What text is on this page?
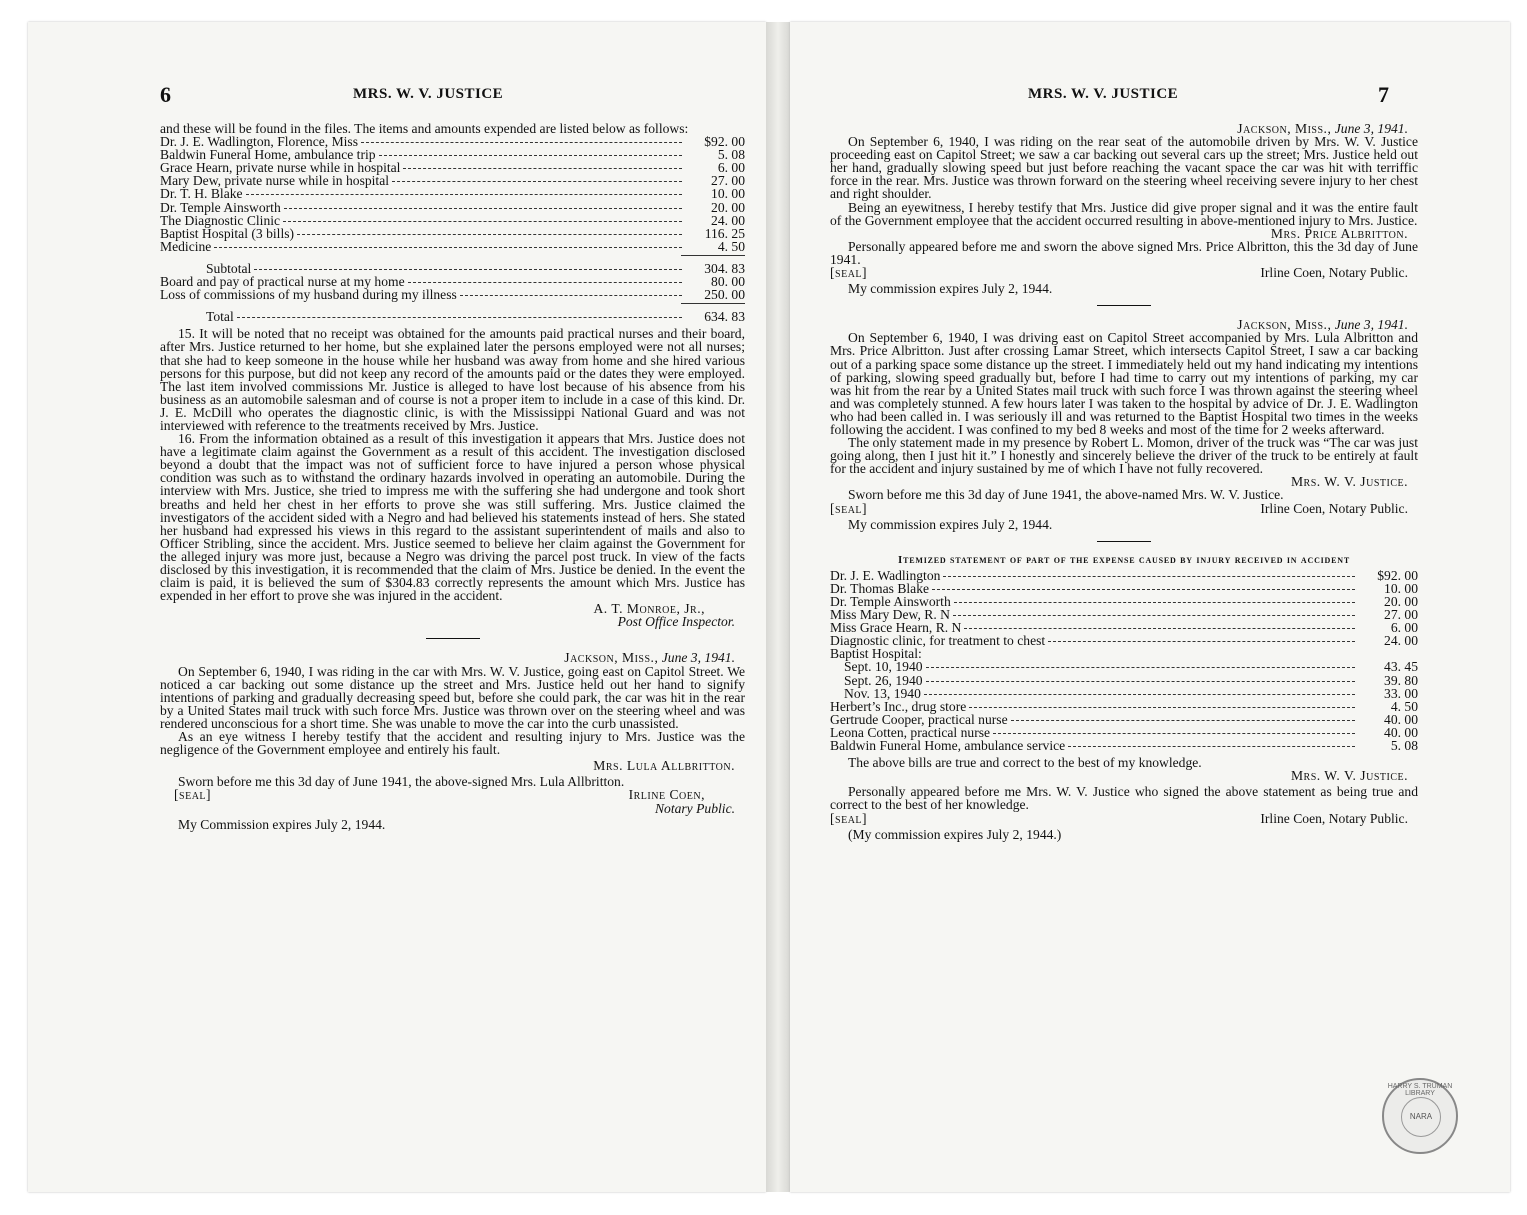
6	MRS. W. V. JUSTICE

and these will be found in the files. The items and amounts expended are listed below as follows:

Dr. J. E. Wadlington, Florence, Miss	$92. 00
Baldwin Funeral Home, ambulance trip	5. 08
Grace Hearn, private nurse while in hospital	6. 00
Mary Dew, private nurse while in hospital	27. 00
Dr. T. H. Blake	10. 00
Dr. Temple Ainsworth	20. 00
The Diagnostic Clinic	24. 00
Baptist Hospital (3 bills)	116. 25
Medicine	4. 50
Subtotal	304. 83
Board and pay of practical nurse at my home	80. 00
Loss of commissions of my husband during my illness	250. 00
Total	634. 83

15. It will be noted that no receipt was obtained for the amounts paid practical nurses and their board, after Mrs. Justice returned to her home, but she explained later the persons employed were not all nurses; that she had to keep someone in the house while her husband was away from home and she hired various persons for this purpose, but did not keep any record of the amounts paid or the dates they were employed. The last item involved commissions Mr. Justice is alleged to have lost because of his absence from his business as an automobile salesman and of course is not a proper item to include in a case of this kind. Dr. J. E. McDill who operates the diagnostic clinic, is with the Mississippi National Guard and was not interviewed with reference to the treatments received by Mrs. Justice.

16. From the information obtained as a result of this investigation it appears that Mrs. Justice does not have a legitimate claim against the Government as a result of this accident. The investigation disclosed beyond a doubt that the impact was not of sufficient force to have injured a person whose physical condition was such as to withstand the ordinary hazards involved in operating an automobile. During the interview with Mrs. Justice, she tried to impress me with the suffering she had undergone and took short breaths and held her chest in her efforts to prove she was still suffering. Mrs. Justice claimed the investigators of the accident sided with a Negro and had believed his statements instead of hers. She stated her husband had expressed his views in this regard to the assistant superintendent of mails and also to Officer Stribling, since the accident. Mrs. Justice seemed to believe her claim against the Government for the alleged injury was more just, because a Negro was driving the parcel post truck. In view of the facts disclosed by this investigation, it is recommended that the claim of Mrs. Justice be denied. In the event the claim is paid, it is believed the sum of $304.83 correctly represents the amount which Mrs. Justice has expended in her effort to prove she was injured in the accident.

A. T. Monroe, Jr.,
Post Office Inspector.
Jackson, Miss., June 3, 1941.

On September 6, 1940, I was riding in the car with Mrs. W. V. Justice, going east on Capitol Street. We noticed a car backing out some distance up the street and Mrs. Justice held out her hand to signify intentions of parking and gradually decreasing speed but, before she could park, the car was hit in the rear by a United States mail truck with such force Mrs. Justice was thrown over on the steering wheel and was rendered unconscious for a short time. She was unable to move the car into the curb unassisted.

As an eye witness I hereby testify that the accident and resulting injury to Mrs. Justice was the negligence of the Government employee and entirely his fault.

Mrs. Lula Allbritton.

Sworn before me this 3d day of June 1941, the above-signed Mrs. Lula Allbritton.

[seal]	Irline Coen,
Notary Public.

My Commission expires July 2, 1944.

MRS. W. V. JUSTICE	7
Jackson, Miss., June 3, 1941.

On September 6, 1940, I was riding on the rear seat of the automobile driven by Mrs. W. V. Justice proceeding east on Capitol Street; we saw a car backing out several cars up the street; Mrs. Justice held out her hand, gradually slowing speed but just before reaching the vacant space the car was hit with terriffic force in the rear. Mrs. Justice was thrown forward on the steering wheel receiving severe injury to her chest and right shoulder.

Being an eyewitness, I hereby testify that Mrs. Justice did give proper signal and it was the entire fault of the Government employee that the accident occurred resulting in above-mentioned injury to Mrs. Justice.

Mrs. Price Albritton.

Personally appeared before me and sworn the above signed Mrs. Price Albritton, this the 3d day of June 1941.

[seal]	Irline Coen, Notary Public.

My commission expires July 2, 1944.

Jackson, Miss., June 3, 1941.

On September 6, 1940, I was driving east on Capitol Street accompanied by Mrs. Lula Albritton and Mrs. Price Albritton. Just after crossing Lamar Street, which intersects Capitol Street, I saw a car backing out of a parking space some distance up the street. I immediately held out my hand indicating my intentions of parking, slowing speed gradually but, before I had time to carry out my intentions of parking, my car was hit from the rear by a United States mail truck with such force I was thrown against the steering wheel and was completely stunned. A few hours later I was taken to the hospital by advice of Dr. J. E. Wadlington who had been called in. I was seriously ill and was returned to the Baptist Hospital two times in the weeks following the accident. I was confined to my bed 8 weeks and most of the time for 2 weeks afterward.

The only statement made in my presence by Robert L. Momon, driver of the truck was “The car was just going along, then I just hit it.” I honestly and sincerely believe the driver of the truck to be entirely at fault for the accident and injury sustained by me of which I have not fully recovered.

Mrs. W. V. Justice.

Sworn before me this 3d day of June 1941, the above-named Mrs. W. V. Justice.

[seal]	Irline Coen, Notary Public.

My commission expires July 2, 1944.

Itemized statement of part of the expense caused by injury received in accident
Dr. J. E. Wadlington	$92. 00
Dr. Thomas Blake	10. 00
Dr. Temple Ainsworth	20. 00
Miss Mary Dew, R. N	27. 00
Miss Grace Hearn, R. N	6. 00
Diagnostic clinic, for treatment to chest	24. 00
Baptist Hospital:
Sept. 10, 1940	43. 45
Sept. 26, 1940	39. 80
Nov. 13, 1940	33. 00
Herbert’s Inc., drug store	4. 50
Gertrude Cooper, practical nurse	40. 00
Leona Cotten, practical nurse	40. 00
Baldwin Funeral Home, ambulance service	5. 08

The above bills are true and correct to the best of my knowledge.

Mrs. W. V. Justice.

Personally appeared before me Mrs. W. V. Justice who signed the above statement as being true and correct to the best of her knowledge.

[seal]	Irline Coen, Notary Public.

(My commission expires July 2, 1944.)

HARRY S. TRUMAN LIBRARY
NARA
